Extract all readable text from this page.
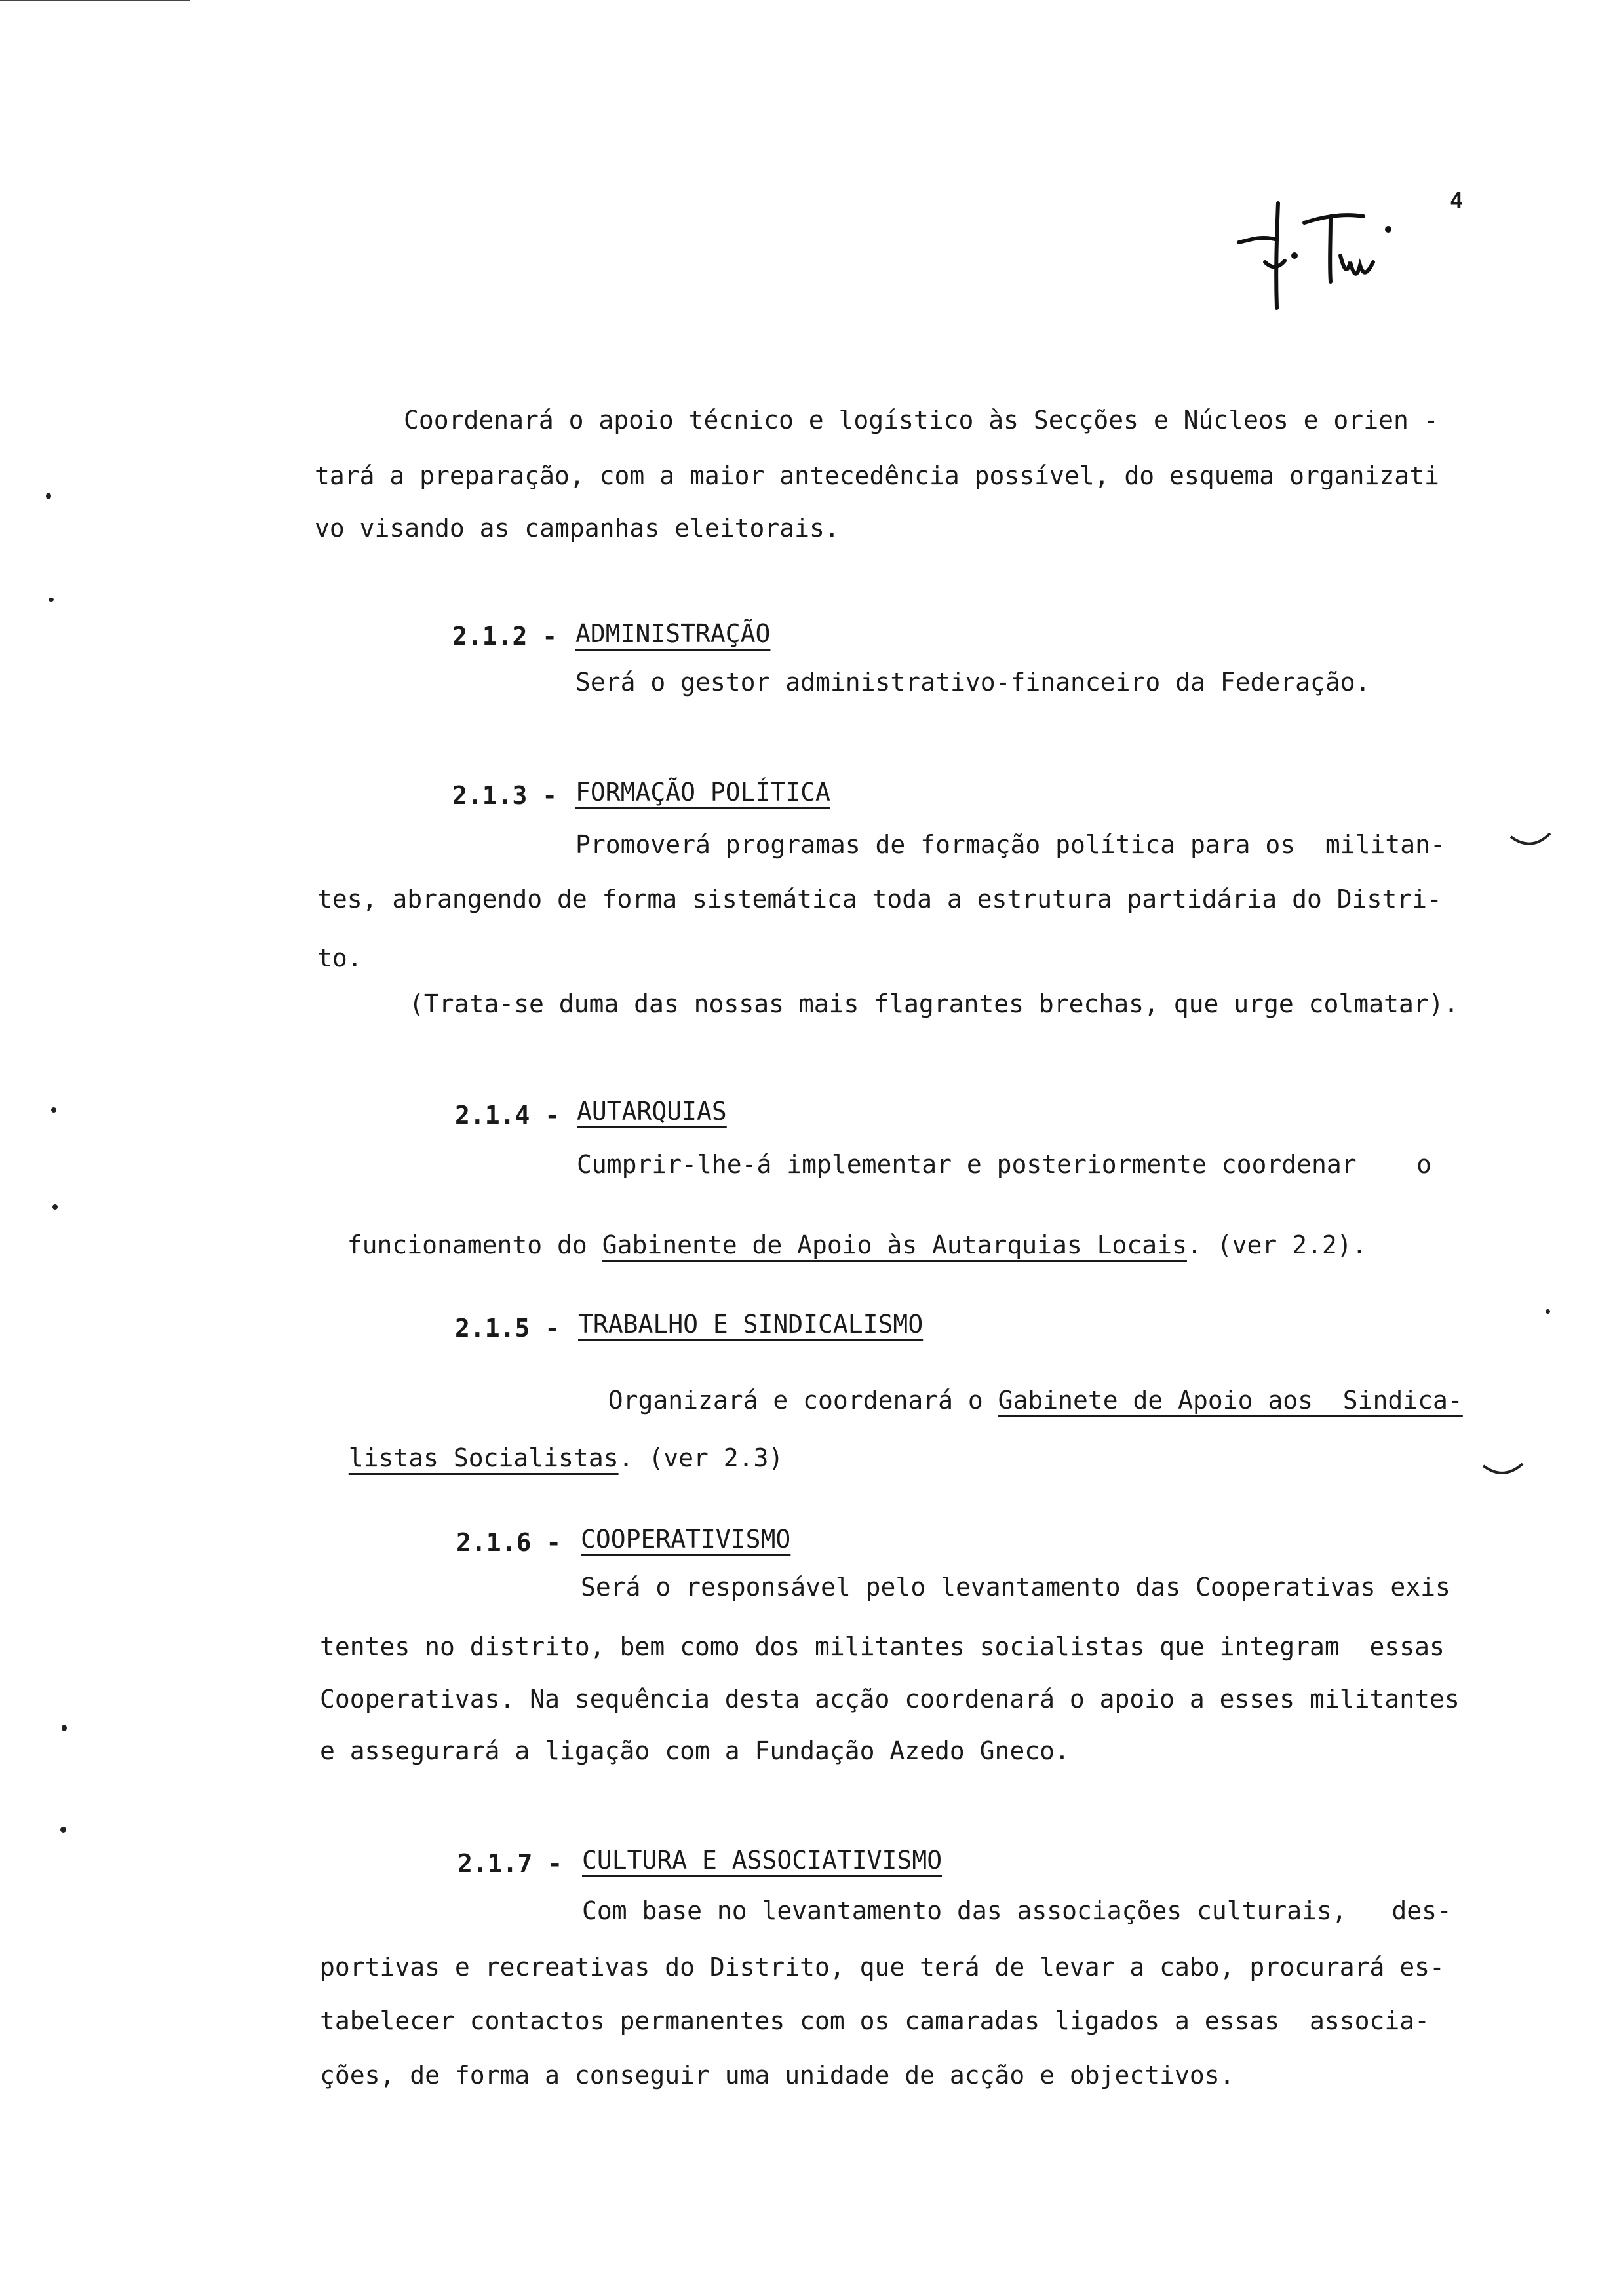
4
Coordenará o apoio técnico e logístico às Secções e Núcleos e orien -
tará a preparação, com a maior antecedência possível, do esquema organizati
vo visando as campanhas eleitorais.
2.1.2 - ADMINISTRAÇÃO
Será o gestor administrativo-financeiro da Federação.
2.1.3 - FORMAÇÃO POLÍTICA
Promoverá programas de formação política para os  militan-
tes, abrangendo de forma sistemática toda a estrutura partidária do Distri-
to.
(Trata-se duma das nossas mais flagrantes brechas, que urge colmatar).
2.1.4 - AUTARQUIAS
Cumprir-lhe-á implementar e posteriormente coordenar    o

funcionamento do Gabinente de Apoio às Autarquias Locais. (ver 2.2).

2.1.5 - TRABALHO E SINDICALISMO

Organizará e coordenará o Gabinete de Apoio aos  Sindica-

listas Socialistas. (ver 2.3)

2.1.6 - COOPERATIVISMO
Será o responsável pelo levantamento das Cooperativas exis
tentes no distrito, bem como dos militantes socialistas que integram  essas
Cooperativas. Na sequência desta acção coordenará o apoio a esses militantes
e assegurará a ligação com a Fundação Azedo Gneco.
2.1.7 - CULTURA E ASSOCIATIVISMO
Com base no levantamento das associações culturais,   des-
portivas e recreativas do Distrito, que terá de levar a cabo, procurará es-
tabelecer contactos permanentes com os camaradas ligados a essas  associa-
ções, de forma a conseguir uma unidade de acção e objectivos.
